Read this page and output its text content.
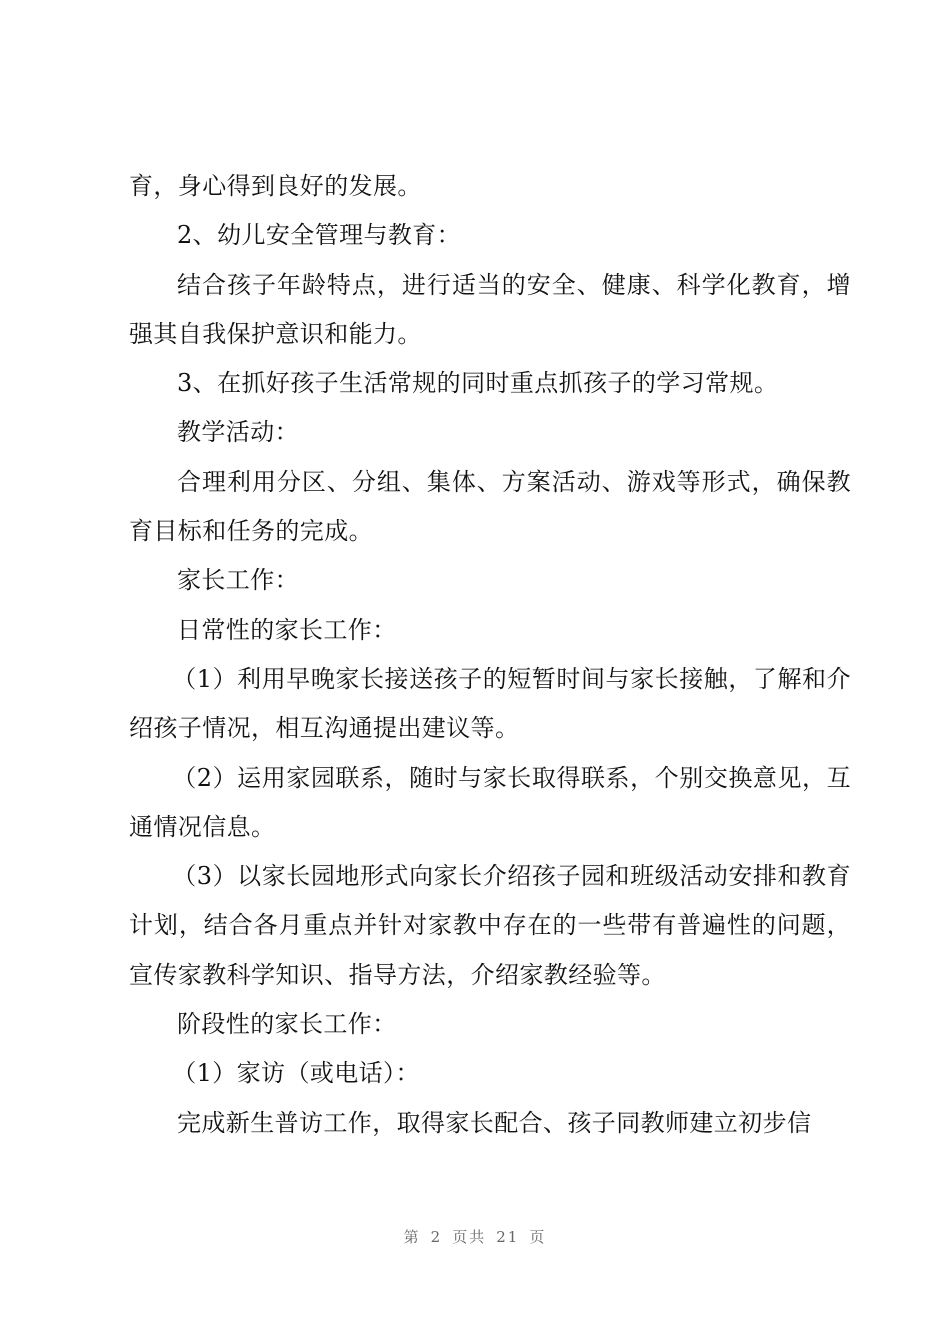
育，身心得到良好的发展。

2、幼儿安全管理与教育：

结合孩子年龄特点，进行适当的安全、健康、科学化教育，增强其自我保护意识和能力。

3、在抓好孩子生活常规的同时重点抓孩子的学习常规。

教学活动：

合理利用分区、分组、集体、方案活动、游戏等形式，确保教育目标和任务的完成。

家长工作：

日常性的家长工作：

（1）利用早晚家长接送孩子的短暂时间与家长接触，了解和介绍孩子情况，相互沟通提出建议等。

（2）运用家园联系，随时与家长取得联系，个别交换意见，互通情况信息。

（3）以家长园地形式向家长介绍孩子园和班级活动安排和教育计划，结合各月重点并针对家教中存在的一些带有普遍性的问题，宣传家教科学知识、指导方法，介绍家教经验等。

阶段性的家长工作：

（1）家访（或电话）：

完成新生普访工作，取得家长配合、孩子同教师建立初步信

第 2 页共 21 页
